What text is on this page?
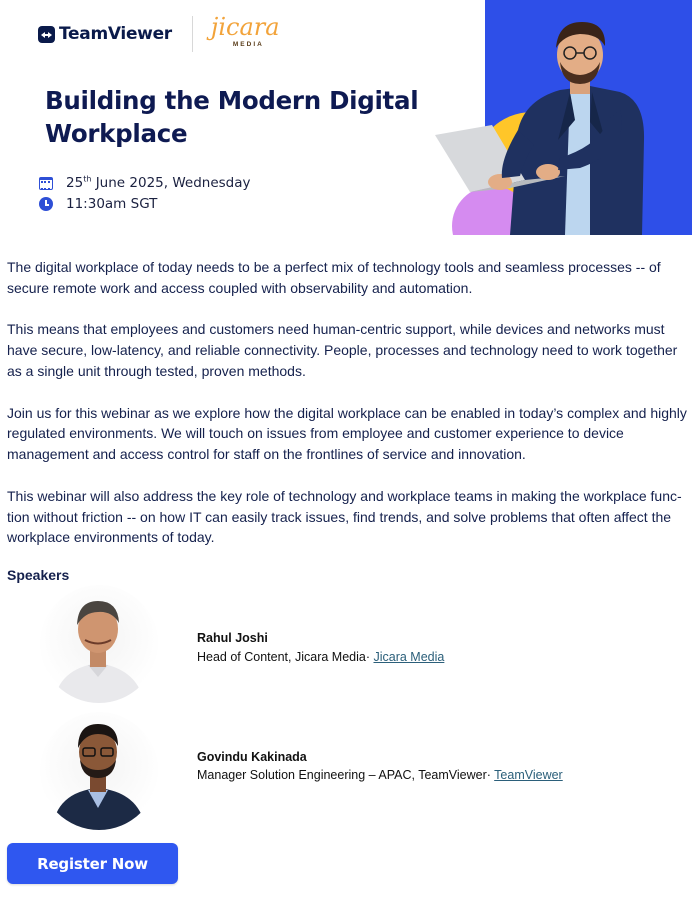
TeamViewer jicara
MEDIA
Building the Modern Digital Workplace
25th June 2025, Wednesday
11:30am SGT

The digital workplace of today needs to be a perfect mix of technology tools and seamless processes -- of secure remote work and access coupled with observability and automation.

This means that employees and customers need human-centric support, while devices and networks must have secure, low-latency, and reliable connectivity. People, processes and technology need to work together as a single unit through tested, proven methods.

Join us for this webinar as we explore how the digital workplace can be enabled in today’s complex and highly regulated environments. We will touch on issues from employee and customer experience to device management and access control for staff on the frontlines of service and innovation.

This webinar will also address the key role of technology and workplace teams in making the workplace func-tion without friction -- on how IT can easily track issues, find trends, and solve problems that often affect the workplace environments of today.

Speakers
Rahul Joshi
Head of Content, Jicara Media· Jicara Media
Govindu Kakinada
Manager Solution Engineering – APAC, TeamViewer· TeamViewer
Register Now
